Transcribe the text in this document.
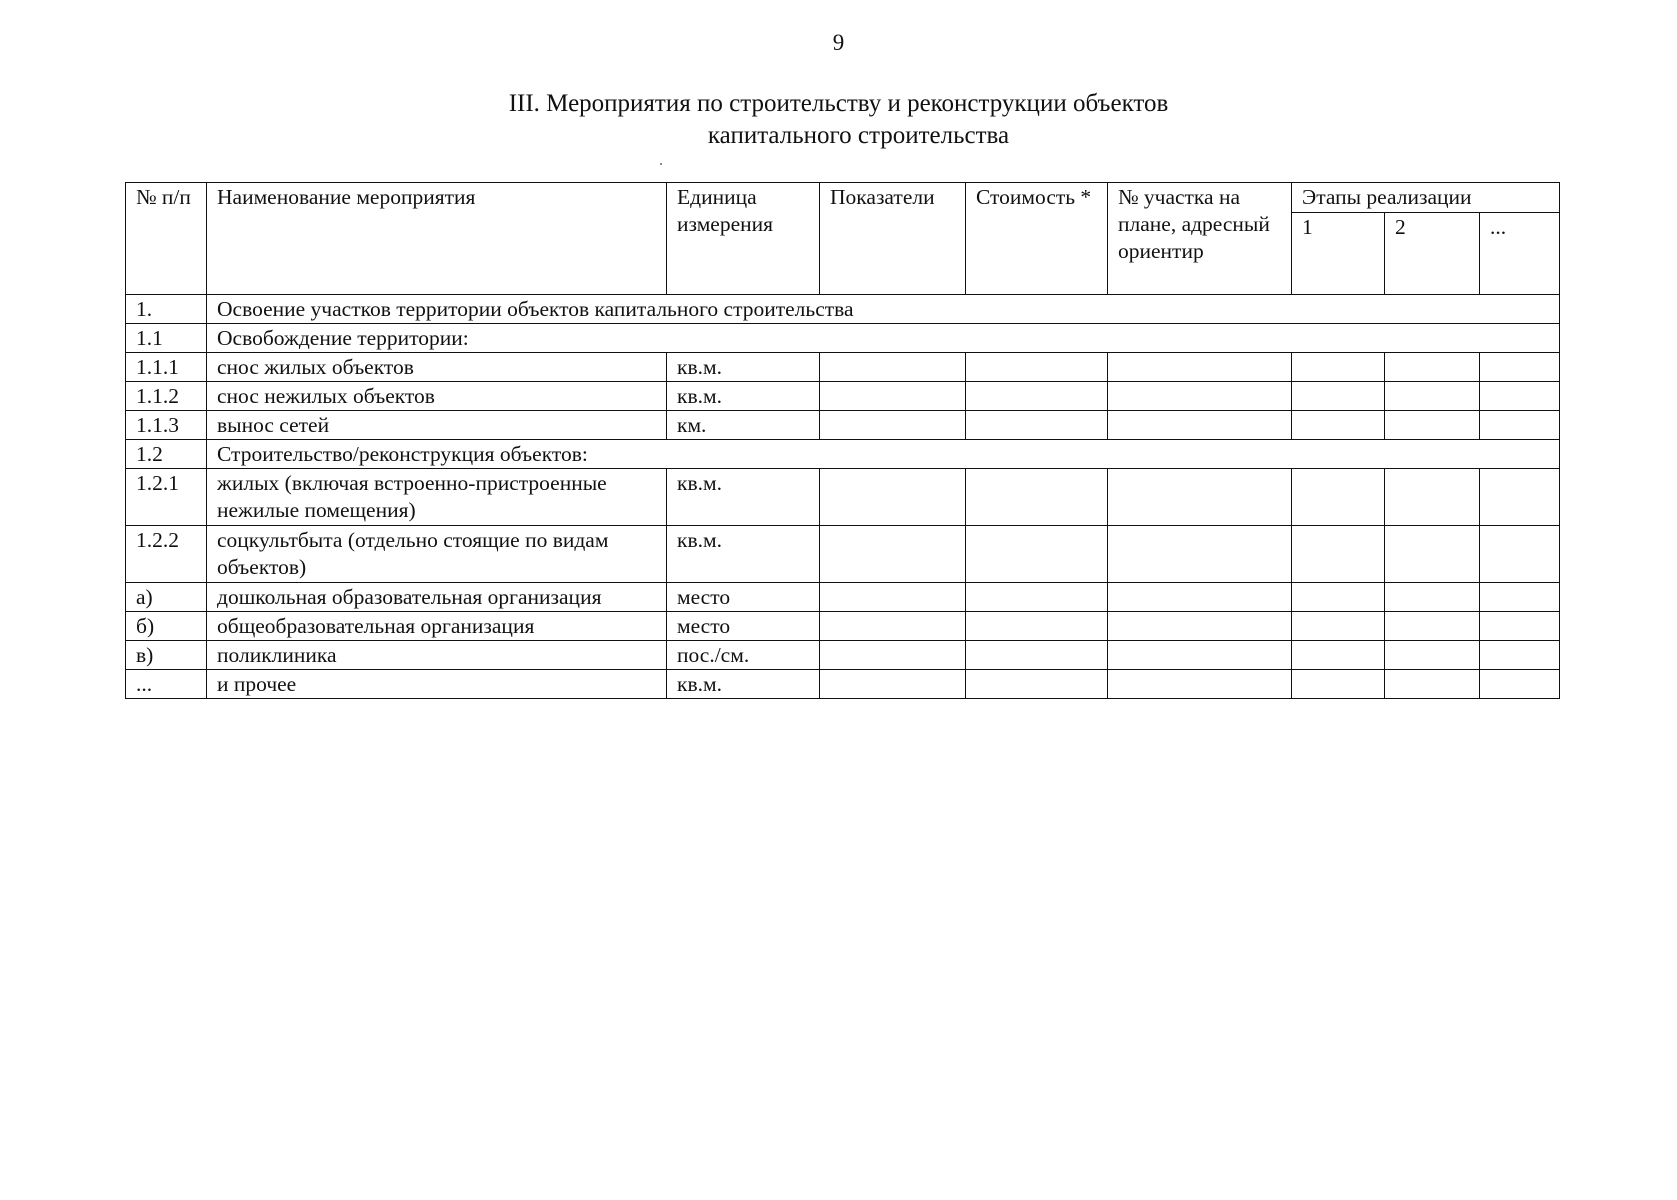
9
III. Мероприятия по строительству и реконструкции объектов
капитального строительства
№ п/п	Наименование мероприятия	Единица измерения	Показатели	Стоимость *	№ участка на плане, адресный ориентир	Этапы реализации		
						1	2	...
1.	Освоение участков территории объектов капитального строительства							
1.1	Освобождение территории:							
1.1.1	снос жилых объектов	кв.м.						
1.1.2	снос нежилых объектов	кв.м.						
1.1.3	вынос сетей	км.						
1.2	Строительство/реконструкция объектов:							
1.2.1	жилых (включая встроенно-пристроенные нежилые помещения)	кв.м.						
1.2.2	соцкультбыта (отдельно стоящие по видам объектов)	кв.м.						
а)	дошкольная образовательная организация	место						
б)	общеобразовательная организация	место						
в)	поликлиника	пос./см.						
...	и прочее	кв.м.						
